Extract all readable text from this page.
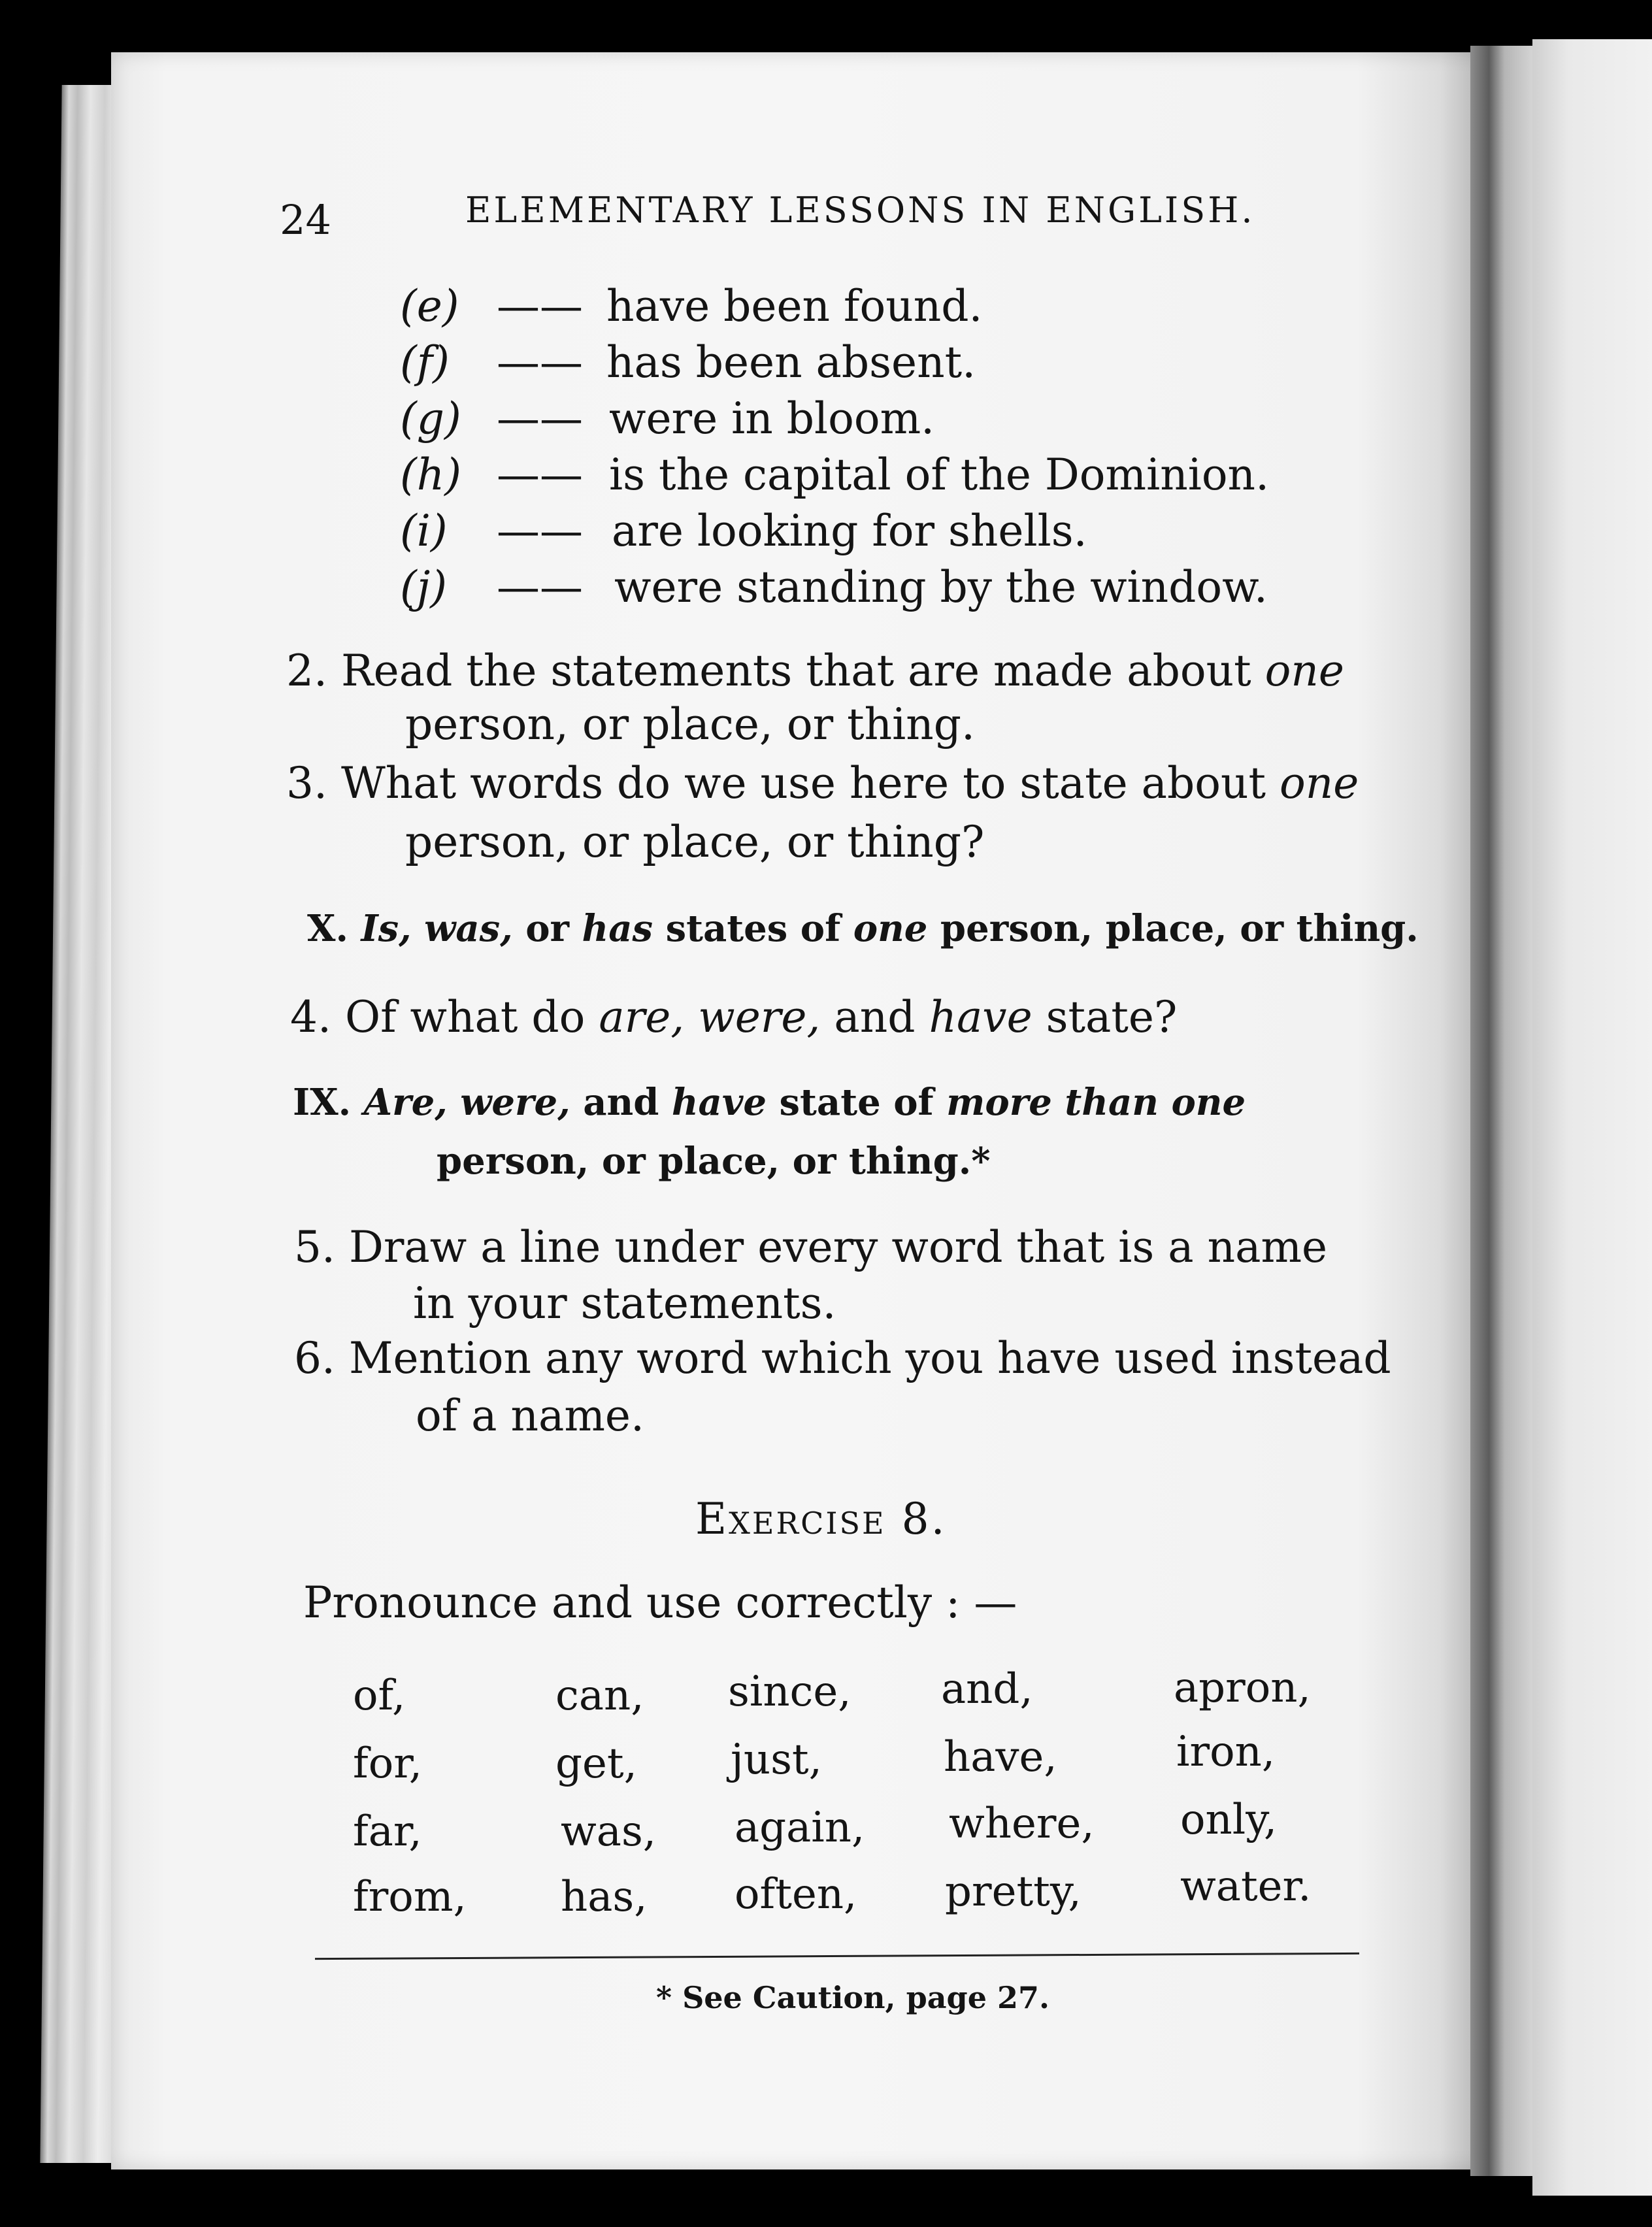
24	ELEMENTARY LESSONS IN ENGLISH.
(e) —— have been found.
(f) —— has been absent.
(g) —— were in bloom.
(h) —— is the capital of the Dominion.
(i) —— are looking for shells.
(j) —— were standing by the window.
2. Read the statements that are made about one
person, or place, or thing.
3. What words do we use here to state about one
person, or place, or thing?
X. Is, was, or has states of one person, place, or thing.
4. Of what do are, were, and have state?
IX. Are, were, and have state of more than one
person, or place, or thing.*
5. Draw a line under every word that is a name
in your statements.
6. Mention any word which you have used instead
of a name.
Exercise 8.
Pronounce and use correctly : —
of,
for,
far,
from,
can,
get,
was,
has,
since,
just,
again,
often,
and,
have,
where,
pretty,
apron,
iron,
only,
water.
* See Caution, page 27.
